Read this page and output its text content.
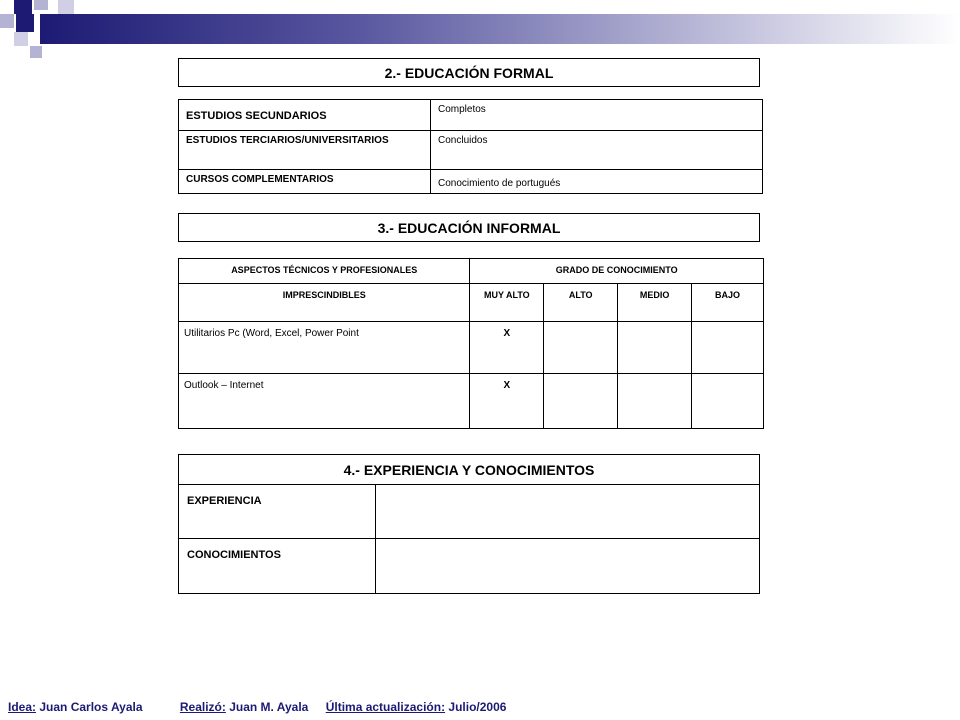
2.- EDUCACIÓN FORMAL
ESTUDIOS SECUNDARIOS	Completos
ESTUDIOS TERCIARIOS/UNIVERSITARIOS	Concluidos
CURSOS COMPLEMENTARIOS	Conocimiento de portugués
3.- EDUCACIÓN INFORMAL
ASPECTOS TÉCNICOS Y PROFESIONALES	GRADO DE CONOCIMIENTO			
IMPRESCINDIBLES	MUY ALTO	ALTO	MEDIO	BAJO
Utilitarios Pc (Word, Excel, Power Point	X			
Outlook – Internet	X			
4.- EXPERIENCIA Y CONOCIMIENTOS
EXPERIENCIA	
CONOCIMIENTOS	
Idea: Juan Carlos Ayala	Realizó: Juan M. Ayala Última actualización: Julio/2006
